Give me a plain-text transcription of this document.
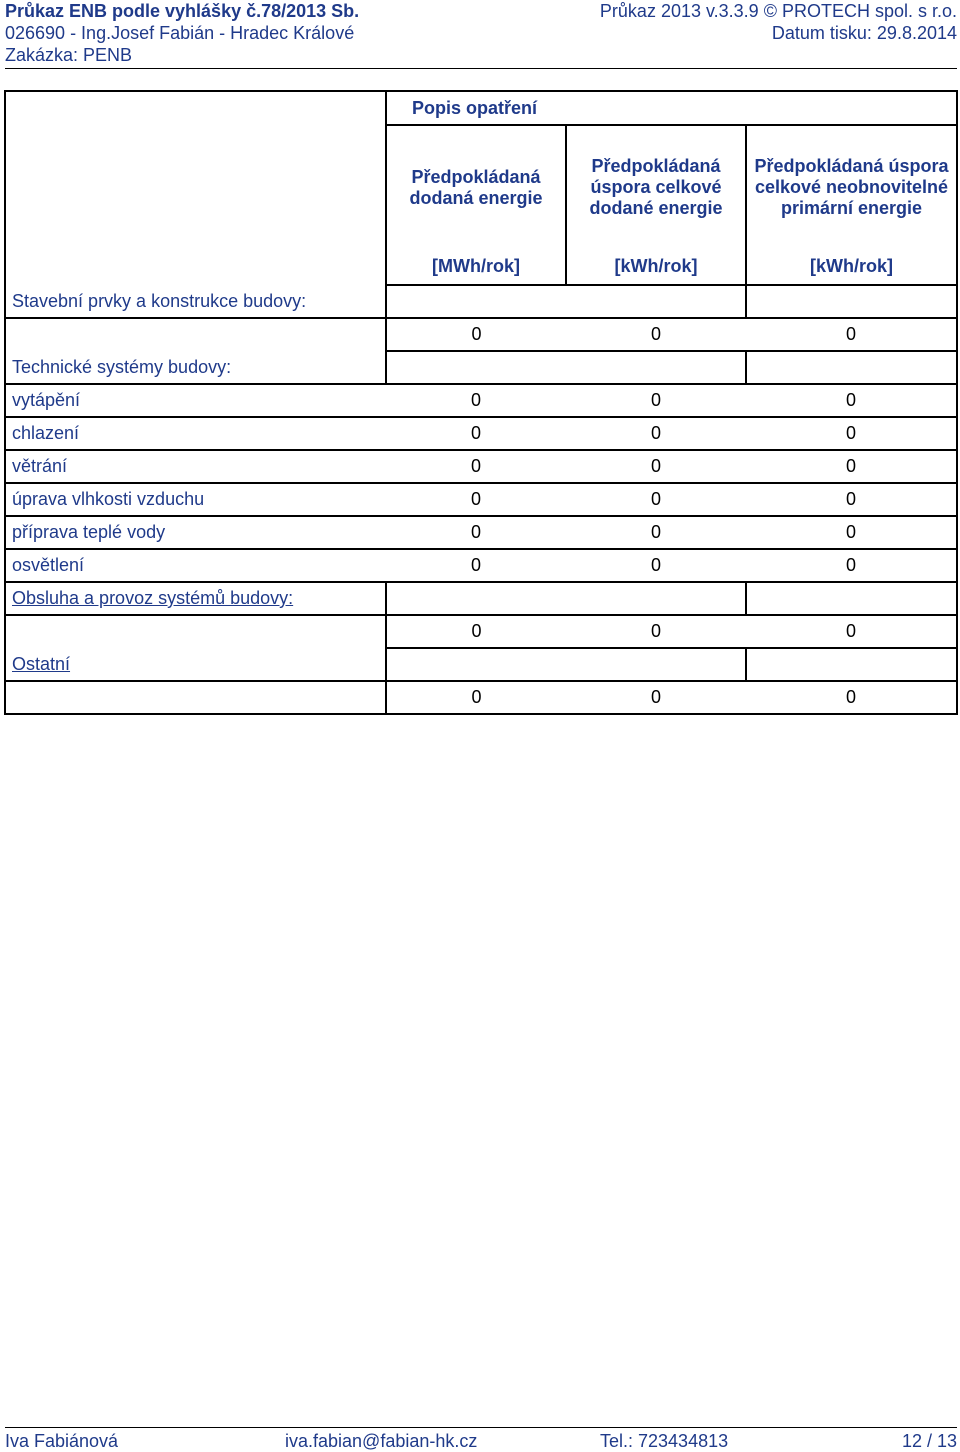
Průkaz ENB podle vyhlášky č.78/2013 Sb.	Průkaz 2013 v.3.3.9 © PROTECH spol. s r.o.
026690 - Ing.Josef Fabián - Hradec Králové	Datum tisku: 29.8.2014
Zakázka: PENB
	Popis opatření		
	Předpokládaná dodaná energie	Předpokládaná úspora celkové dodané energie	Předpokládaná úspora celkové neobnovitelné primární energie
	[MWh/rok]	[kWh/rok]	[kWh/rok]
Stavební prvky a konstrukce budovy:			
	0	0	0
Technické systémy budovy:			
vytápění	0	0	0
chlazení	0	0	0
větrání	0	0	0
úprava vlhkosti vzduchu	0	0	0
příprava teplé vody	0	0	0
osvětlení	0	0	0
Obsluha a provoz systémů budovy:			
	0	0	0
Ostatní			
	0	0	0
Iva Fabiánová	iva.fabian@fabian-hk.cz	Tel.: 723434813	12 / 13
